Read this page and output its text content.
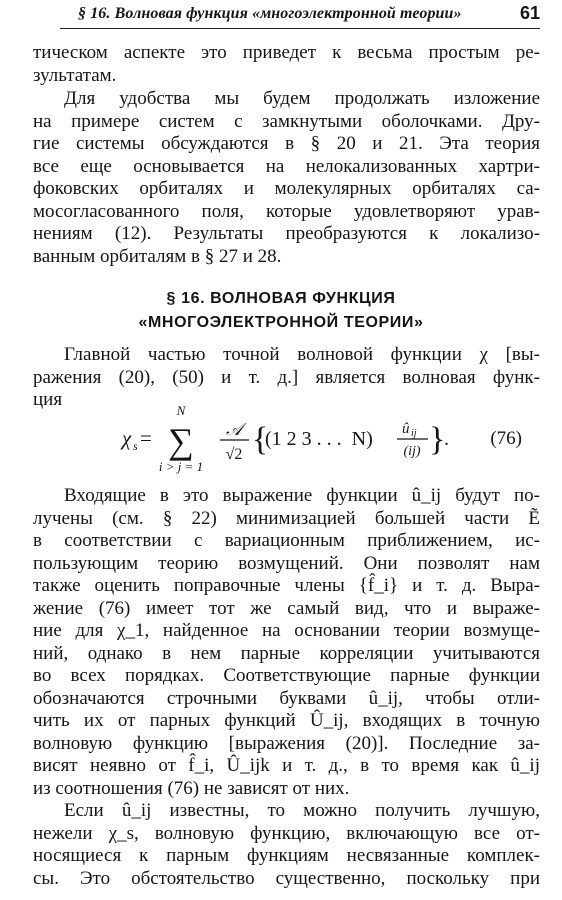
§ 16. Волновая функция «многоэлектронной теории»	61
тическом аспекте это приведет к весьма простым ре-
зультатам.
Для удобства мы будем продолжать изложение
на примере систем с замкнутыми оболочками. Дру-
гие системы обсуждаются в § 20 и 21. Эта теория
все еще основывается на нелокализованных хартри-
фоковских орбиталях и молекулярных орбиталях са-
мосогласованного поля, которые удовлетворяют урав-
нениям (12). Результаты преобразуются к локализо-
ванным орбиталям в § 27 и 28.
§ 16. ВОЛНОВАЯ ФУНКЦИЯ
«МНОГОЭЛЕКТРОННОЙ ТЕОРИИ»
Главной частью точной волновой функции χ [вы-
ражения (20), (50) и т. д.] является волновая функ-
ция
χ s =
N
∑
i > j = 1
𝒜
√2 {
(1 2 3 . . .  N) û ij
(ij) }
. (76)
Входящие в это выражение функции û_ij будут по-
лучены (см. § 22) минимизацией большей части Ẽ
в соответствии с вариационным приближением, ис-
пользующим теорию возмущений. Они позволят нам
также оценить поправочные члены {f̂_i} и т. д. Выра-
жение (76) имеет тот же самый вид, что и выраже-
ние для χ_1, найденное на основании теории возмуще-
ний, однако в нем парные корреляции учитываются
во всех порядках. Соответствующие парные функции
обозначаются строчными буквами û_ij, чтобы отли-
чить их от парных функций Û_ij, входящих в точную
волновую функцию [выражения (20)]. Последние за-
висят неявно от f̂_i, Û_ijk и т. д., в то время как û_ij
из соотношения (76) не зависят от них.
Если û_ij известны, то можно получить лучшую,
нежели χ_s, волновую функцию, включающую все от-
носящиеся к парным функциям несвязанные комплек-
сы. Это обстоятельство существенно, поскольку при
